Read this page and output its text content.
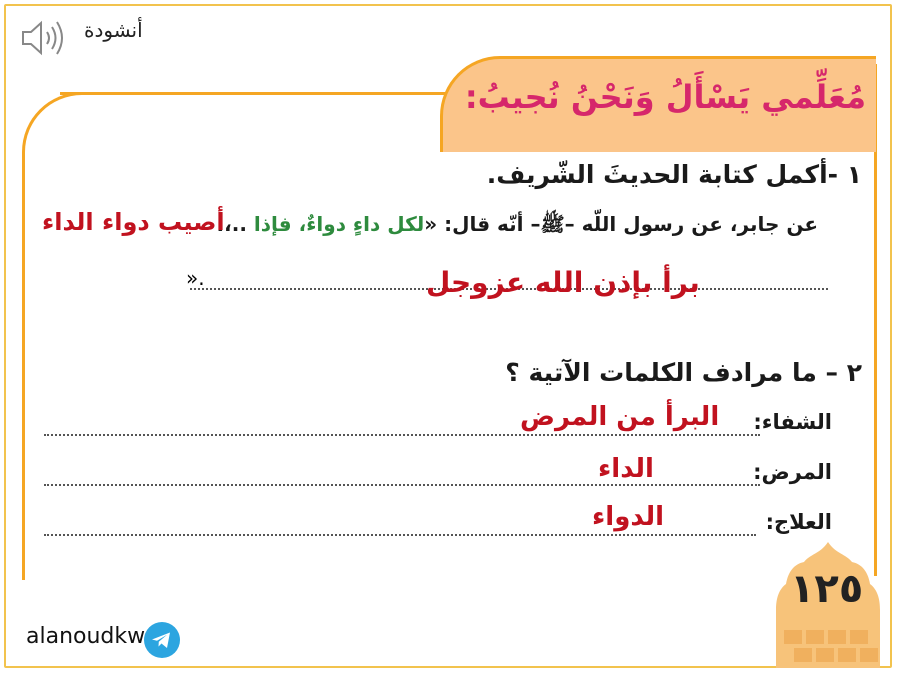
أنشودة
مُعَلِّمي يَسْأَلُ وَنَحْنُ نُجيبُ:
١ -أكمل كتابة الحديثَ الشّريف.
عن جابر، عن رسول اللّه –ﷺ– أنّه قال: «لكل داءٍ دواءٌ، فإذا ..،.
أصيب دواء الداء
».	برأ بإذن الله عزوجل
٢ – ما مرادف الكلمات الآتية ؟
الشفاء:
البرأ من المرض
المرض:
الداء
العلاج:
الدواء
١٢٥
alanoudkw
